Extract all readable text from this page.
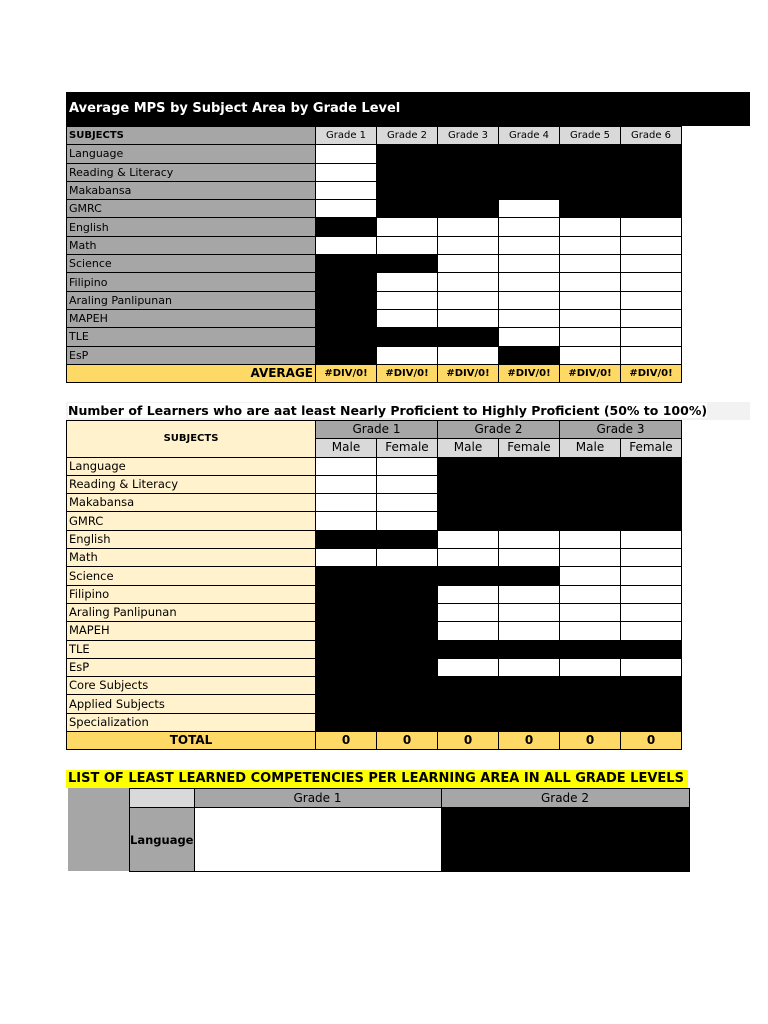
Average MPS by Subject Area by Grade Level
SUBJECTS	Grade 1	Grade 2	Grade 3	Grade 4	Grade 5	Grade 6
Language						
Reading & Literacy						
Makabansa						
GMRC						
English						
Math						
Science						
Filipino						
Araling Panlipunan						
MAPEH						
TLE						
EsP						
AVERAGE	#DIV/0!	#DIV/0!	#DIV/0!	#DIV/0!	#DIV/0!	#DIV/0!
Number of Learners who are aat least Nearly Proficient to Highly Proficient (50% to 100%)
SUBJECTS	Grade 1		Grade 2		Grade 3	
	Male	Female	Male	Female	Male	Female
Language						
Reading & Literacy						
Makabansa						
GMRC						
English						
Math						
Science						
Filipino						
Araling Panlipunan						
MAPEH						
TLE						
EsP						
Core Subjects						
Applied Subjects						
Specialization						
TOTAL	0	0	0	0	0	0
LIST OF LEAST LEARNED COMPETENCIES PER LEARNING AREA IN ALL GRADE LEVELS
	Grade 1	Grade 2
Language		
